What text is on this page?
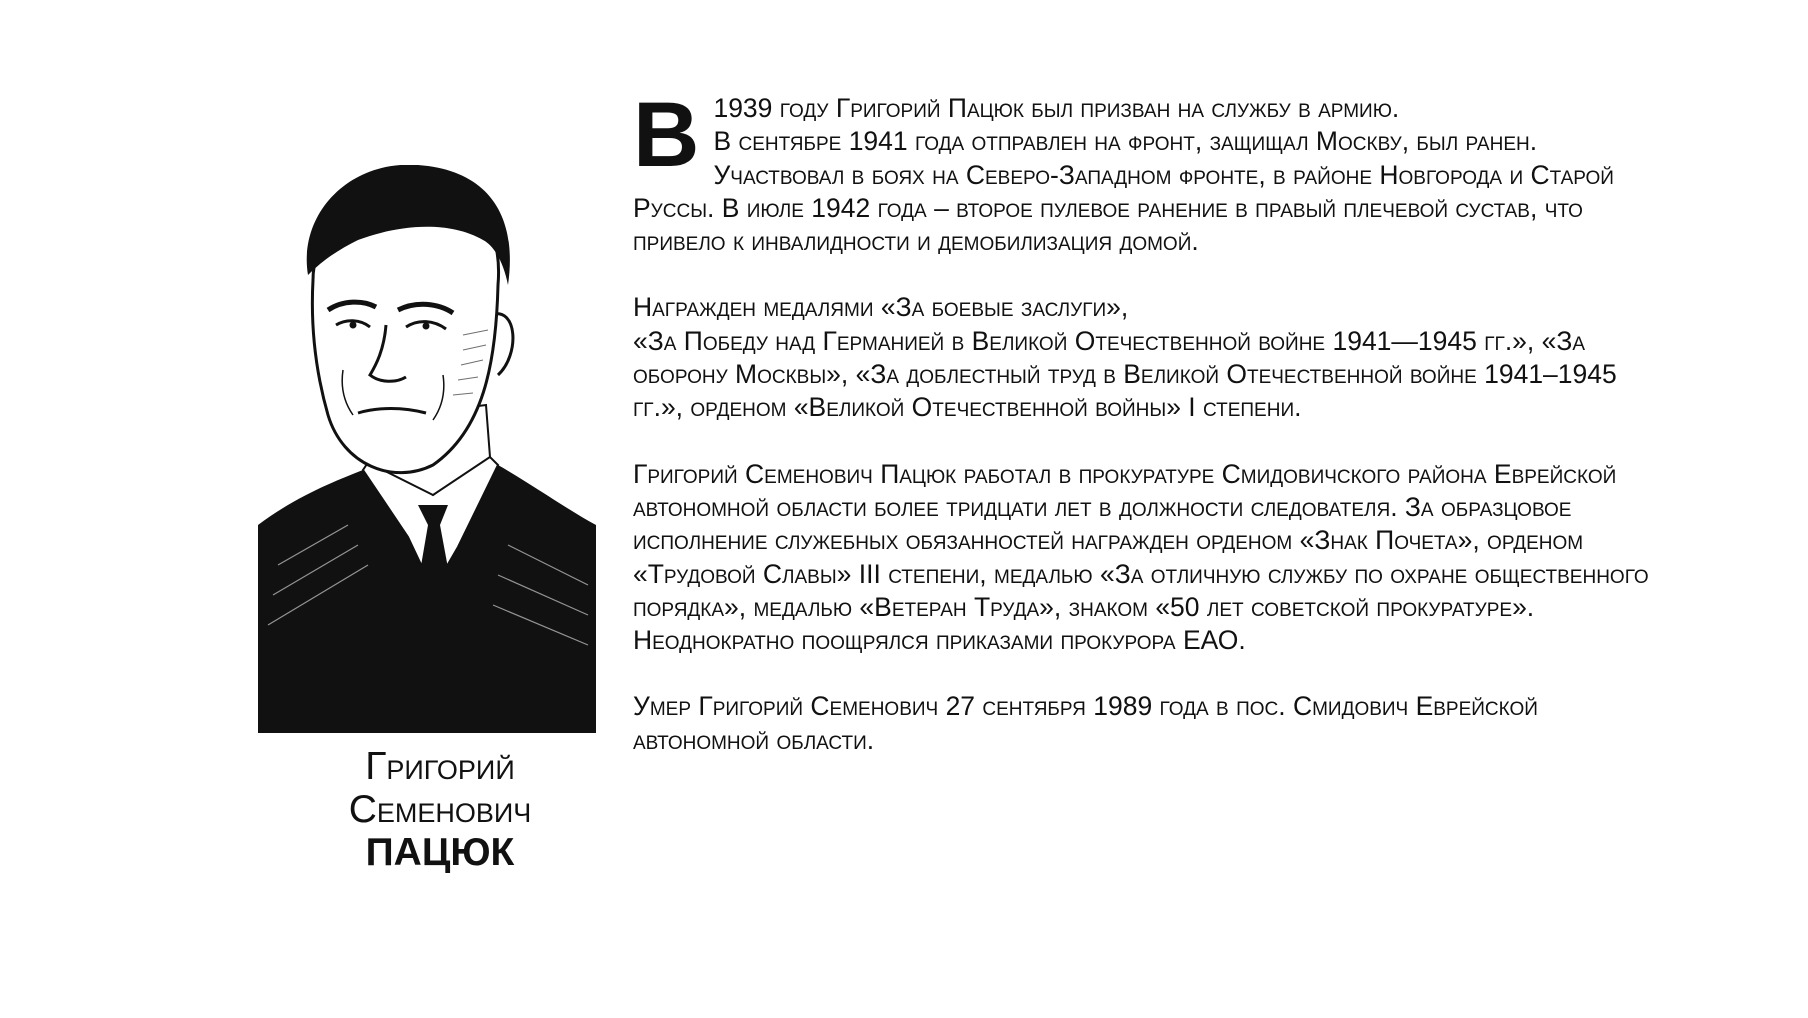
Григорий
Семенович
ПАЦЮК

В 1939 году Григорий Пацюк был призван на службу в армию.
В сентябре 1941 года отправлен на фронт, защищал Москву, был ранен. Участвовал в боях на Северо-Западном фронте, в районе Новгорода и Старой Руссы. В июле 1942 года – второе пулевое ранение в правый плечевой сустав, что привело к инвалидности и демобилизация домой.

Награжден медалями «За боевые заслуги»,
«За Победу над Германией в Великой Отечественной войне 1941—1945 гг.», «За оборону Москвы», «За доблестный труд в Великой Отечественной войне 1941–1945 гг.», орденом «Великой Отечественной войны» I степени.

Григорий Семенович Пацюк работал в прокуратуре Смидовичского района Еврейской автономной области более тридцати лет в должности следователя. За образцовое исполнение служебных обязанностей награжден орденом «Знак Почета», орденом «Трудовой Славы» III степени, медалью «За отличную службу по охране общественного порядка», медалью «Ветеран Труда», знаком «50 лет советской прокуратуре». Неоднократно поощрялся приказами прокурора ЕАО.

Умер Григорий Семенович 27 сентября 1989 года в пос. Смидович Еврейской автономной области.
